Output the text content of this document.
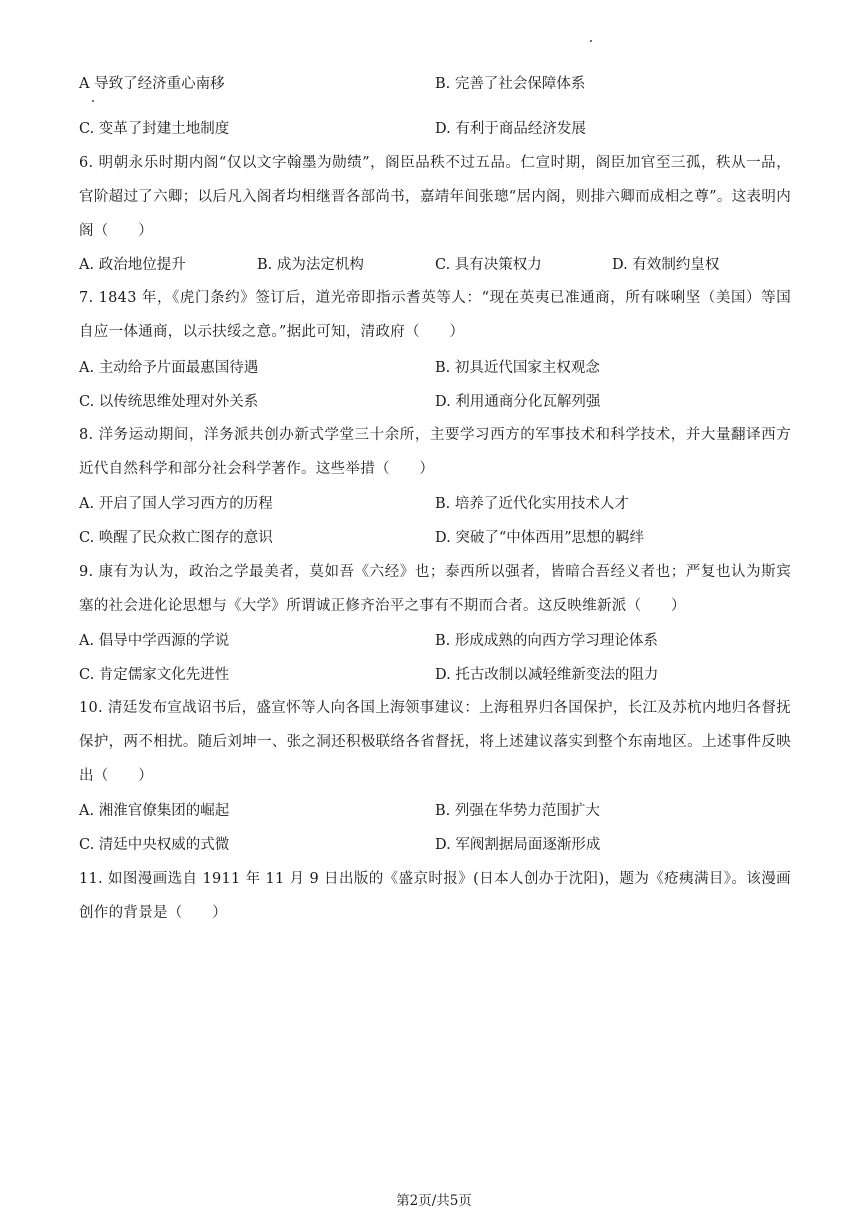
A 导致了经济重心南移	B. 完善了社会保障体系
C. 变革了封建土地制度	D. 有利于商品经济发展
6. 明朝永乐时期内阁“仅以文字翰墨为勋绩”，阁臣品秩不过五品。仁宣时期，阁臣加官至三孤，秩从一品，官阶超过了六卿；以后凡入阁者均相继晋各部尚书，嘉靖年间张璁“居内阁，则排六卿而成相之尊”。这表明内阁（　　）
A. 政治地位提升	B. 成为法定机构	C. 具有决策权力	D. 有效制约皇权
7. 1843 年，《虎门条约》签订后，道光帝即指示耆英等人：“现在英夷已准通商，所有咪唎坚（美国）等国自应一体通商，以示扶绥之意。”据此可知，清政府（　　）
A. 主动给予片面最惠国待遇	B. 初具近代国家主权观念
C. 以传统思维处理对外关系	D. 利用通商分化瓦解列强
8. 洋务运动期间，洋务派共创办新式学堂三十余所，主要学习西方的军事技术和科学技术，并大量翻译西方近代自然科学和部分社会科学著作。这些举措（　　）
A. 开启了国人学习西方的历程	B. 培养了近代化实用技术人才
C. 唤醒了民众救亡图存的意识	D. 突破了“中体西用”思想的羁绊
9. 康有为认为，政治之学最美者，莫如吾《六经》也；泰西所以强者，皆暗合吾经义者也；严复也认为斯宾塞的社会进化论思想与《大学》所谓诚正修齐治平之事有不期而合者。这反映维新派（　　）
A. 倡导中学西源的学说	B. 形成成熟的向西方学习理论体系
C. 肯定儒家文化先进性	D. 托古改制以减轻维新变法的阻力
10. 清廷发布宣战诏书后，盛宣怀等人向各国上海领事建议：上海租界归各国保护，长江及苏杭内地归各督抚保护，两不相扰。随后刘坤一、张之洞还积极联络各省督抚，将上述建议落实到整个东南地区。上述事件反映出（　　）
A. 湘淮官僚集团的崛起	B. 列强在华势力范围扩大
C. 清廷中央权威的式微	D. 军阀割据局面逐渐形成
11. 如图漫画选自 1911 年 11 月 9 日出版的《盛京时报》(日本人创办于沈阳)，题为《疮痍满目》。该漫画创作的背景是（　　）
第2页/共5页
